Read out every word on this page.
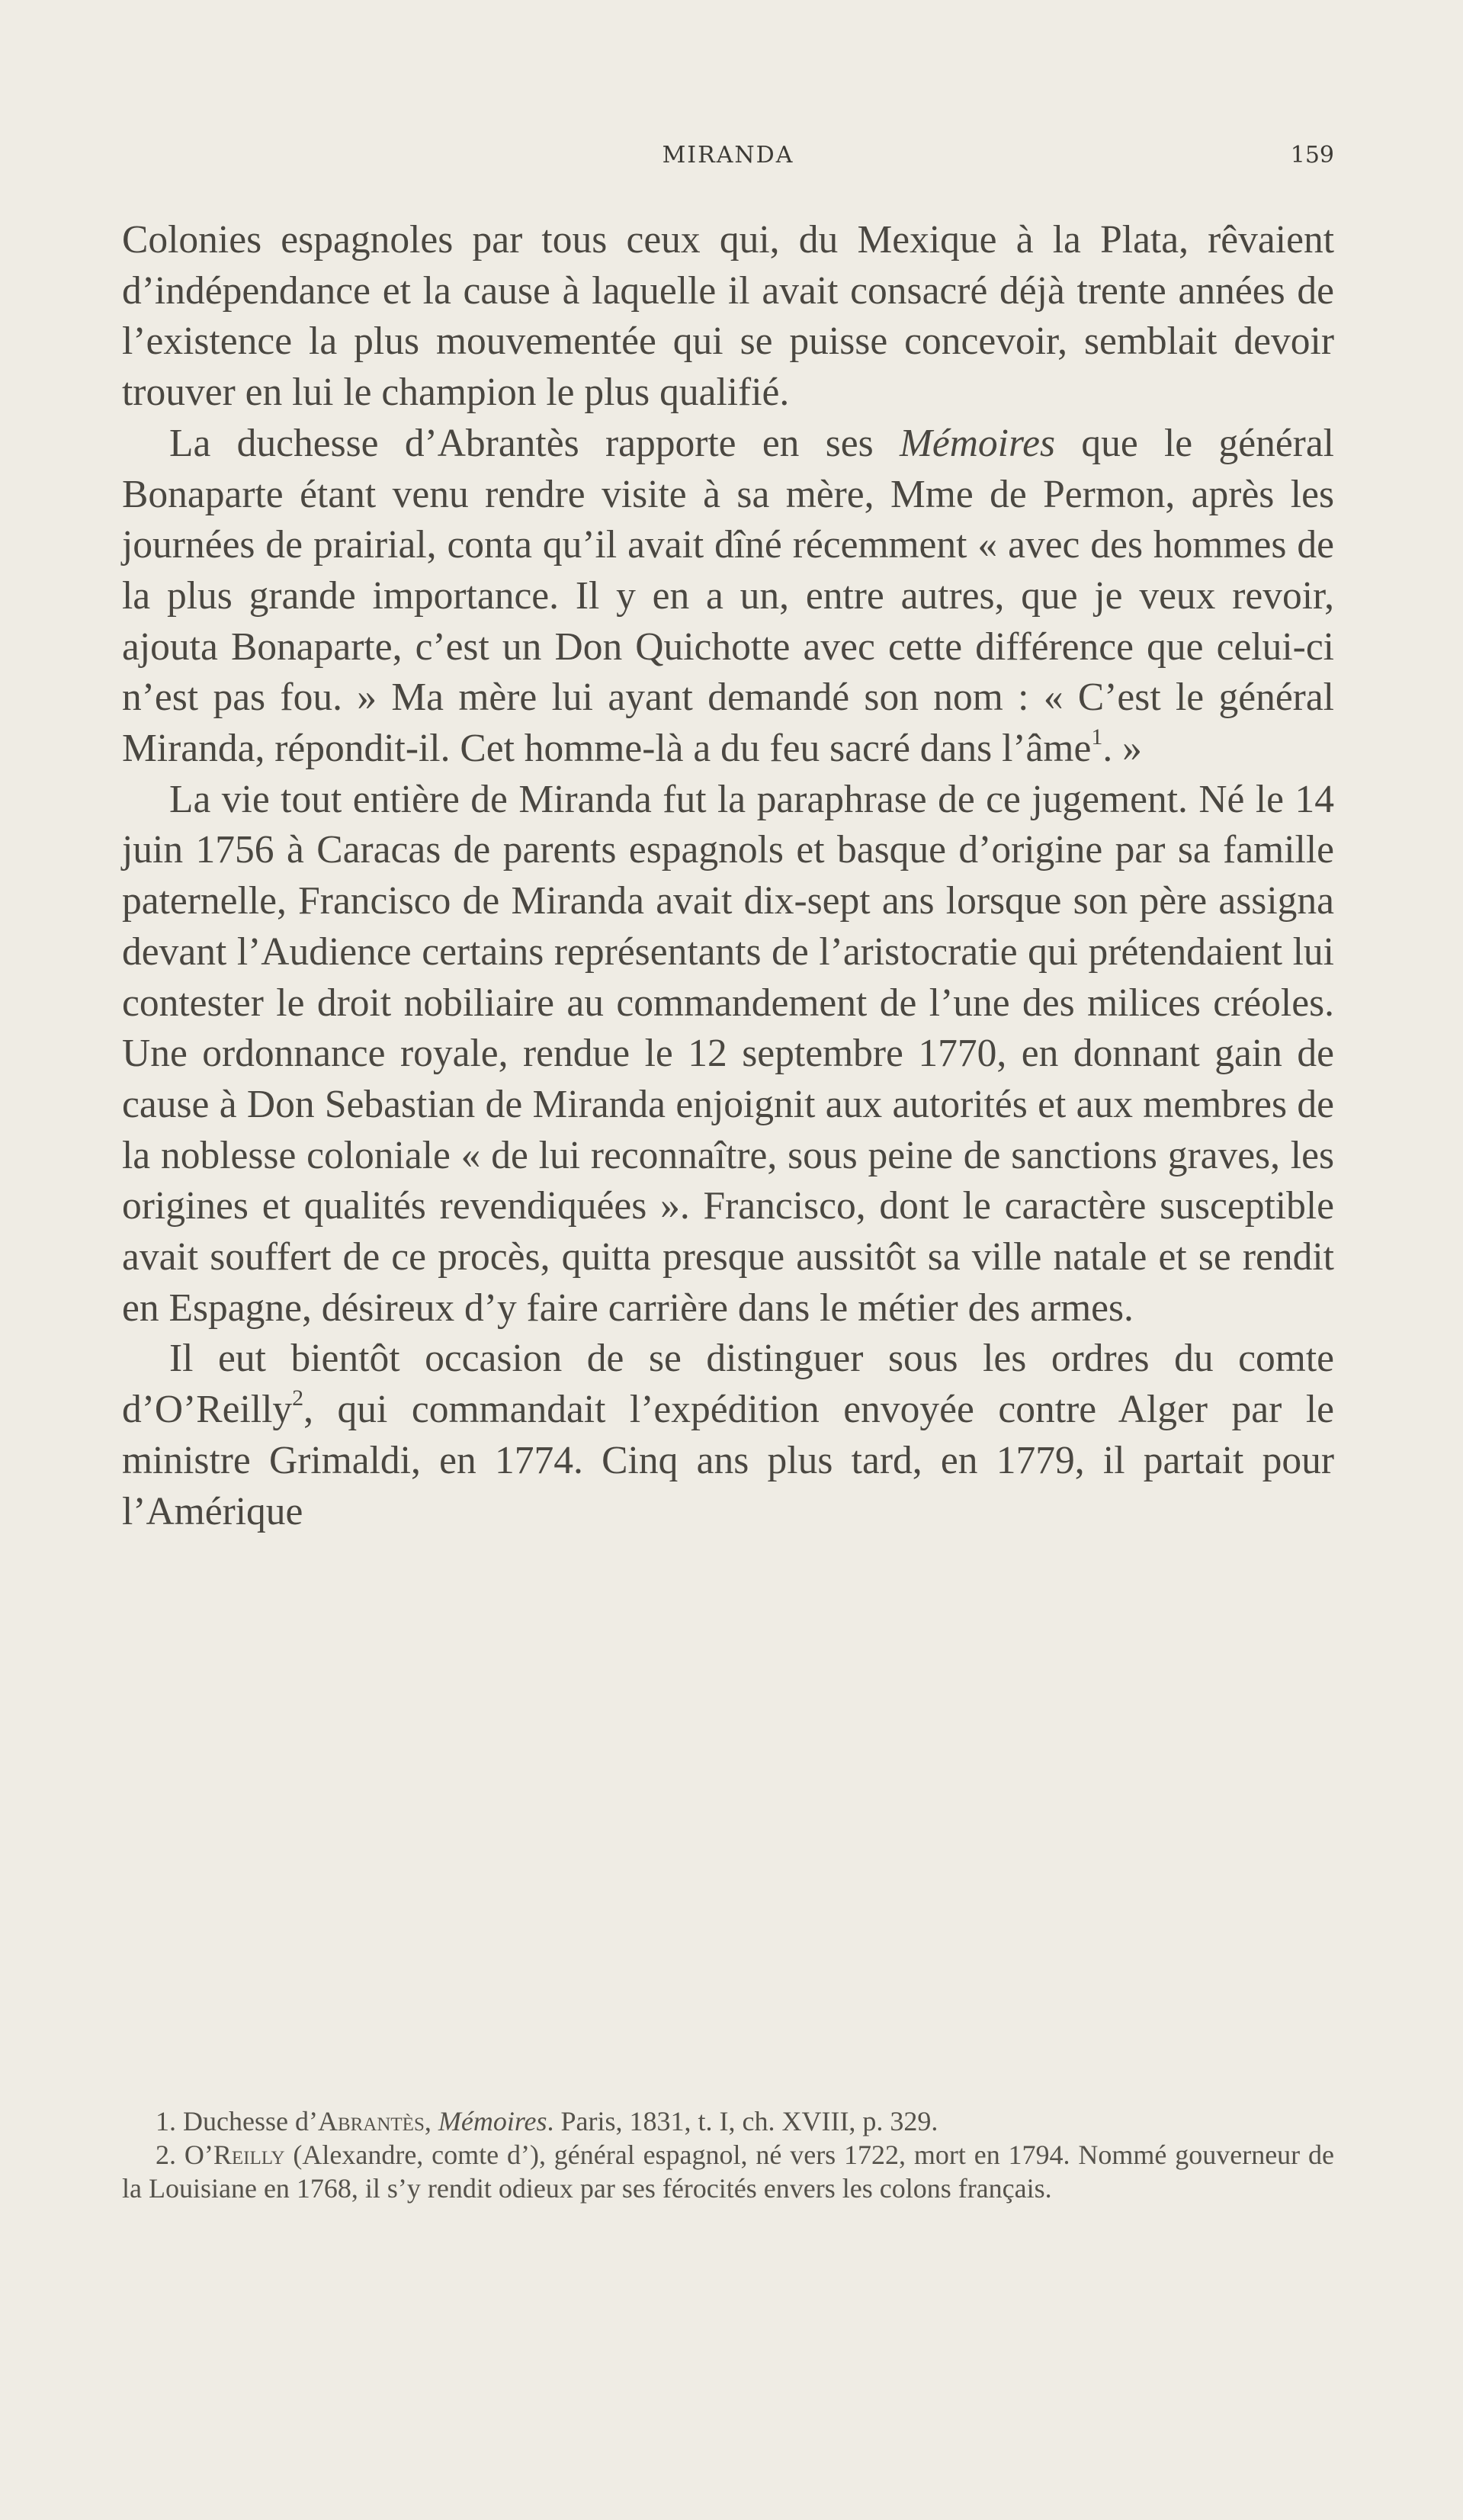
MIRANDA	159

Colonies espagnoles par tous ceux qui, du Mexique à la Plata, rêvaient d’indépendance et la cause à laquelle il avait consacré déjà trente années de l’existence la plus mouvementée qui se puisse concevoir, semblait devoir trouver en lui le champion le plus qualifié.

La duchesse d’Abrantès rapporte en ses Mémoires que le général Bonaparte étant venu rendre visite à sa mère, Mme de Permon, après les journées de prairial, conta qu’il avait dîné récemment « avec des hommes de la plus grande importance. Il y en a un, entre autres, que je veux revoir, ajouta Bonaparte, c’est un Don Quichotte avec cette différence que celui-ci n’est pas fou. » Ma mère lui ayant demandé son nom : « C’est le général Miranda, répondit-il. Cet homme-là a du feu sacré dans l’âme$^1$. »

La vie tout entière de Miranda fut la paraphrase de ce jugement. Né le 14 juin 1756 à Caracas de parents espagnols et basque d’origine par sa famille paternelle, Francisco de Miranda avait dix-sept ans lorsque son père assigna devant l’Audience certains représentants de l’aristocratie qui prétendaient lui contester le droit nobiliaire au commandement de l’une des milices créoles. Une ordonnance royale, rendue le 12 septembre 1770, en donnant gain de cause à Don Sebastian de Miranda enjoignit aux autorités et aux membres de la noblesse coloniale « de lui reconnaître, sous peine de sanctions graves, les origines et qualités revendiquées ». Francisco, dont le caractère susceptible avait souffert de ce procès, quitta presque aussitôt sa ville natale et se rendit en Espagne, désireux d’y faire carrière dans le métier des armes.

Il eut bientôt occasion de se distinguer sous les ordres du comte d’O’Reilly$^2$, qui commandait l’expédition envoyée contre Alger par le ministre Grimaldi, en 1774. Cinq ans plus tard, en 1779, il partait pour l’Amérique

1. Duchesse d’Abrantès, Mémoires. Paris, 1831, t. I, ch. XVIII, p. 329.

2. O’Reilly (Alexandre, comte d’), général espagnol, né vers 1722, mort en 1794. Nommé gouverneur de la Louisiane en 1768, il s’y rendit odieux par ses férocités envers les colons français.
